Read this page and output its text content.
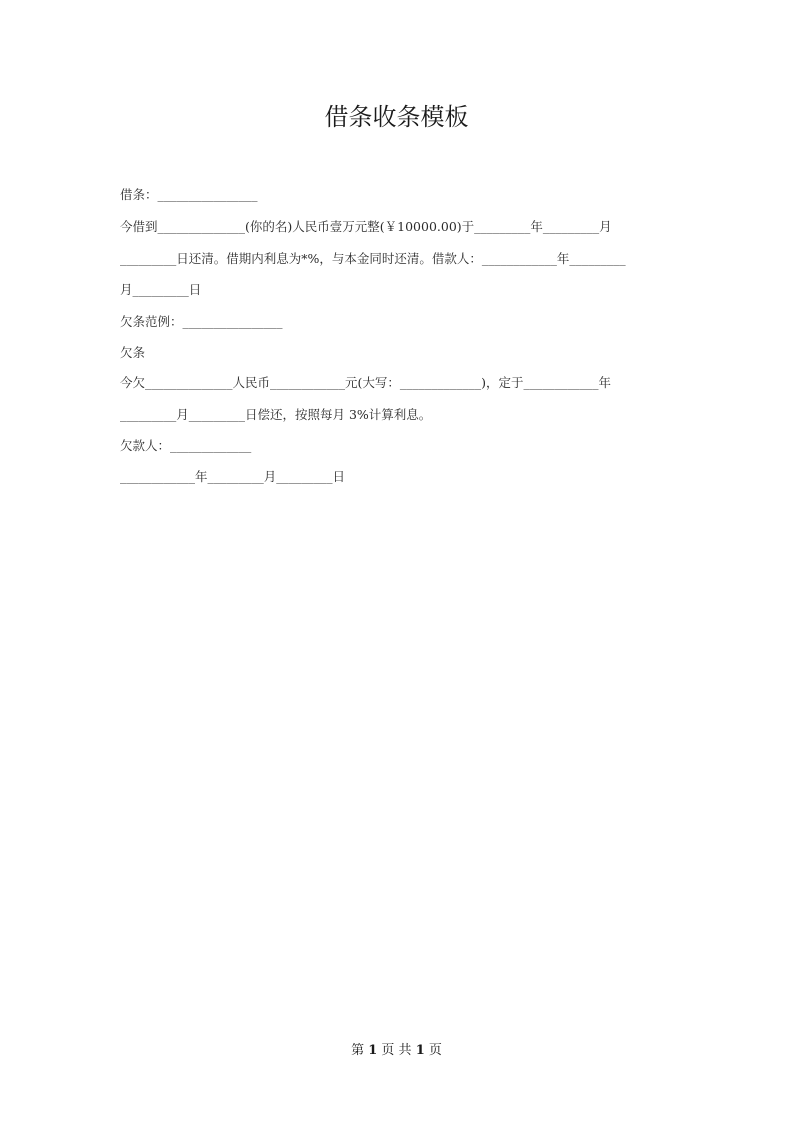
借条收条模板
借条：________________
今借到______________(你的名)人民币壹万元整(￥10000.00)于_________年_________月
_________日还清。借期内利息为*%，与本金同时还清。借款人：____________年_________
月_________日
欠条范例：________________
欠条
今欠______________人民币____________元(大写：_____________)，定于____________年
_________月_________日偿还，按照每月 3%计算利息。
欠款人：_____________
____________年_________月_________日
第 1 页 共 1 页
